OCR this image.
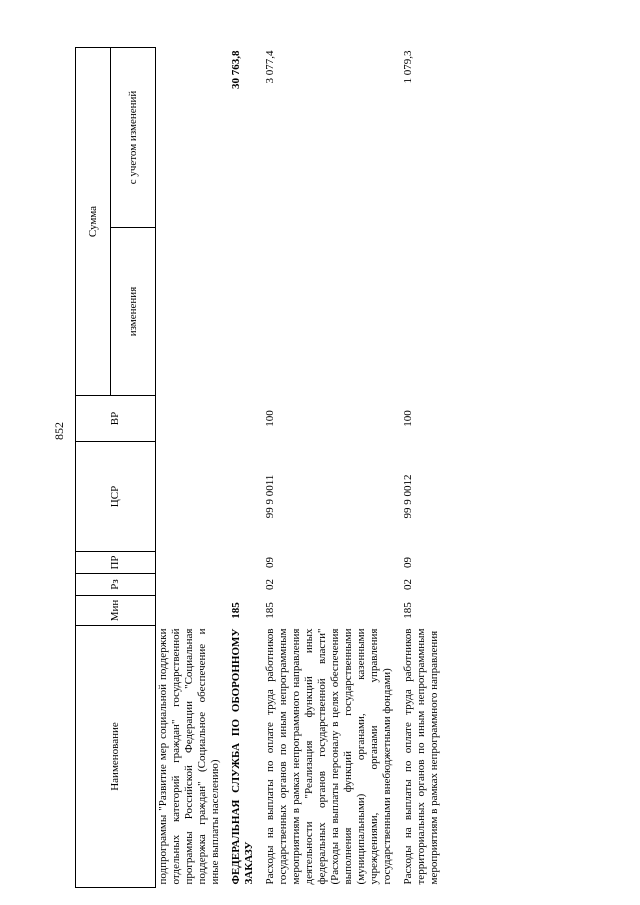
852
Наименование	Мин	Рз	ПР	ЦСР	ВР	Сумма	
						изменения	с учетом изменений
подпрограммы "Развитие мер социальной поддержки отдельных категорий граждан" государственной программы Российской Федерации "Социальная поддержка граждан" (Социальное обеспечение и иные выплаты населению)							

ФЕДЕРАЛЬНАЯ СЛУЖБА ПО ОБОРОННОМУ ЗАКАЗУ	185						30 763,8

Расходы на выплаты по оплате труда работников государственных органов по иным непрограммным мероприятиям в рамках непрограммного направления деятельности "Реализация функций иных федеральных органов государственной власти" (Расходы на выплаты персоналу в целях обеспечения выполнения функций государственными (муниципальными) органами, казенными учреждениями, органами управления государственными внебюджетными фондами)	185	02	09	99 9 0011	100		3 077,4

Расходы на выплаты по оплате труда работников территориальных органов по иным непрограммным мероприятиям в рамках непрограммного направления	185	02	09	99 9 0012	100		1 079,3
